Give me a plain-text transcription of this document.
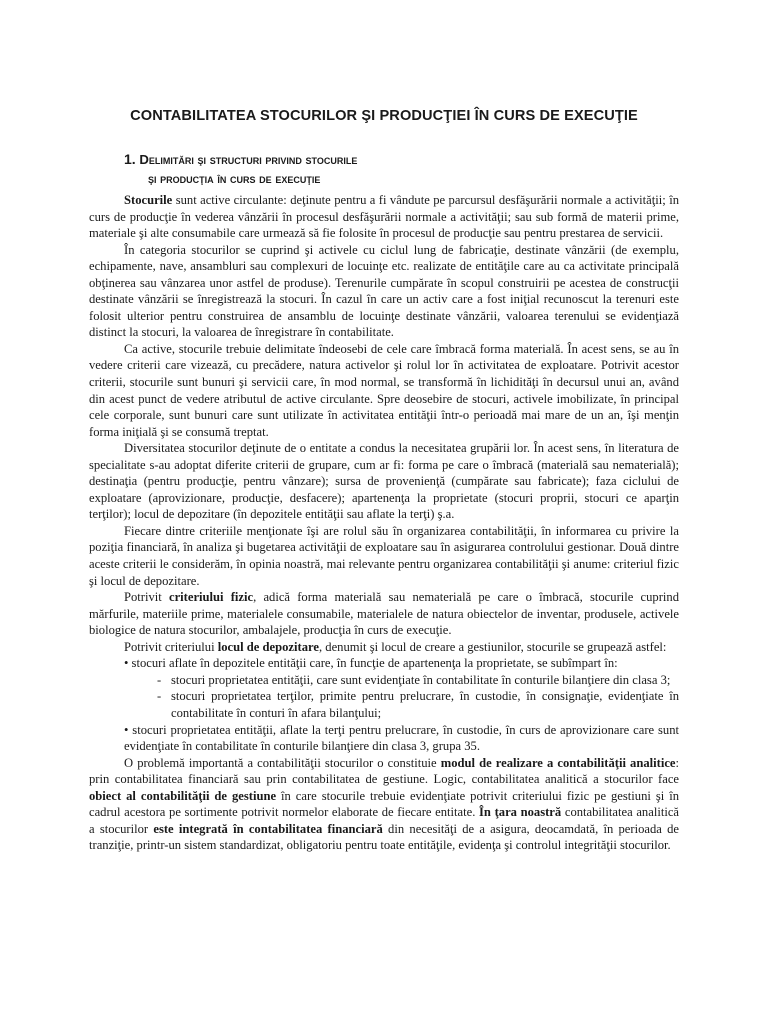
CONTABILITATEA STOCURILOR ŞI PRODUCŢIEI ÎN CURS DE EXECUŢIE
1. Delimitări şi structuri privind stocurile
şi producţia în curs de execuţie

Stocurile sunt active circulante: deţinute pentru a fi vândute pe parcursul desfăşurării normale a activităţii; în curs de producţie în vederea vânzării în procesul desfăşurării normale a activităţii; sau sub formă de materii prime, materiale şi alte consumabile care urmează să fie folosite în procesul de producţie sau pentru prestarea de servicii.

În categoria stocurilor se cuprind şi activele cu ciclul lung de fabricaţie, destinate vânzării (de exemplu, echipamente, nave, ansambluri sau complexuri de locuinţe etc. realizate de entităţile care au ca activitate principală obţinerea sau vânzarea unor astfel de produse). Terenurile cumpărate în scopul construirii pe acestea de construcţii destinate vânzării se înregistrează la stocuri. În cazul în care un activ care a fost iniţial recunoscut la terenuri este folosit ulterior pentru construirea de ansamblu de locuinţe destinate vânzării, valoarea terenului se evidenţiază distinct la stocuri, la valoarea de înregistrare în contabilitate.

Ca active, stocurile trebuie delimitate îndeosebi de cele care îmbracă forma materială. În acest sens, se au în vedere criterii care vizează, cu precădere, natura activelor şi rolul lor în activitatea de exploatare. Potrivit acestor criterii, stocurile sunt bunuri şi servicii care, în mod normal, se transformă în lichidităţi în decursul unui an, având din acest punct de vedere atributul de active circulante. Spre deosebire de stocuri, activele imobilizate, în principal cele corporale, sunt bunuri care sunt utilizate în activitatea entităţii într-o perioadă mai mare de un an, îşi menţin forma iniţială şi se consumă treptat.

Diversitatea stocurilor deţinute de o entitate a condus la necesitatea grupării lor. În acest sens, în literatura de specialitate s-au adoptat diferite criterii de grupare, cum ar fi: forma pe care o îmbracă (materială sau nematerială); destinaţia (pentru producţie, pentru vânzare); sursa de provenienţă (cumpărate sau fabricate); faza ciclului de exploatare (aprovizionare, producţie, desfacere); apartenenţa la proprietate (stocuri proprii, stocuri ce aparţin terţilor); locul de depozitare (în depozitele entităţii sau aflate la terţi) ş.a.

Fiecare dintre criteriile menţionate îşi are rolul său în organizarea contabilităţii, în informarea cu privire la poziţia financiară, în analiza şi bugetarea activităţii de exploatare sau în asigurarea controlului gestionar. Două dintre aceste criterii le considerăm, în opinia noastră, mai relevante pentru organizarea contabilităţii şi anume: criteriul fizic şi locul de depozitare.

Potrivit criteriului fizic, adică forma materială sau nematerială pe care o îmbracă, stocurile cuprind mărfurile, materiile prime, materialele consumabile, materialele de natura obiectelor de inventar, produsele, activele biologice de natura stocurilor, ambalajele, producţia în curs de execuţie.

Potrivit criteriului locul de depozitare, denumit şi locul de creare a gestiunilor, stocurile se grupează astfel:

• stocuri aflate în depozitele entităţii care, în funcţie de apartenenţa la proprietate, se subîmpart în:

- stocuri proprietatea entităţii, care sunt evidenţiate în contabilitate în conturile bilanţiere din clasa 3;
- stocuri proprietatea terţilor, primite pentru prelucrare, în custodie, în consignaţie, evidenţiate în contabilitate în conturi în afara bilanţului;

• stocuri proprietatea entităţii, aflate la terţi pentru prelucrare, în custodie, în curs de aprovizionare care sunt evidenţiate în contabilitate în conturile bilanţiere din clasa 3, grupa 35.

O problemă importantă a contabilităţii stocurilor o constituie modul de realizare a contabilităţii analitice: prin contabilitatea financiară sau prin contabilitatea de gestiune. Logic, contabilitatea analitică a stocurilor face obiect al contabilităţii de gestiune în care stocurile trebuie evidenţiate potrivit criteriului fizic pe gestiuni şi în cadrul acestora pe sortimente potrivit normelor elaborate de fiecare entitate. În ţara noastră contabilitatea analitică a stocurilor este integrată în contabilitatea financiară din necesităţi de a asigura, deocamdată, în perioada de tranziţie, printr-un sistem standardizat, obligatoriu pentru toate entităţile, evidenţa şi controlul integrităţii stocurilor.
